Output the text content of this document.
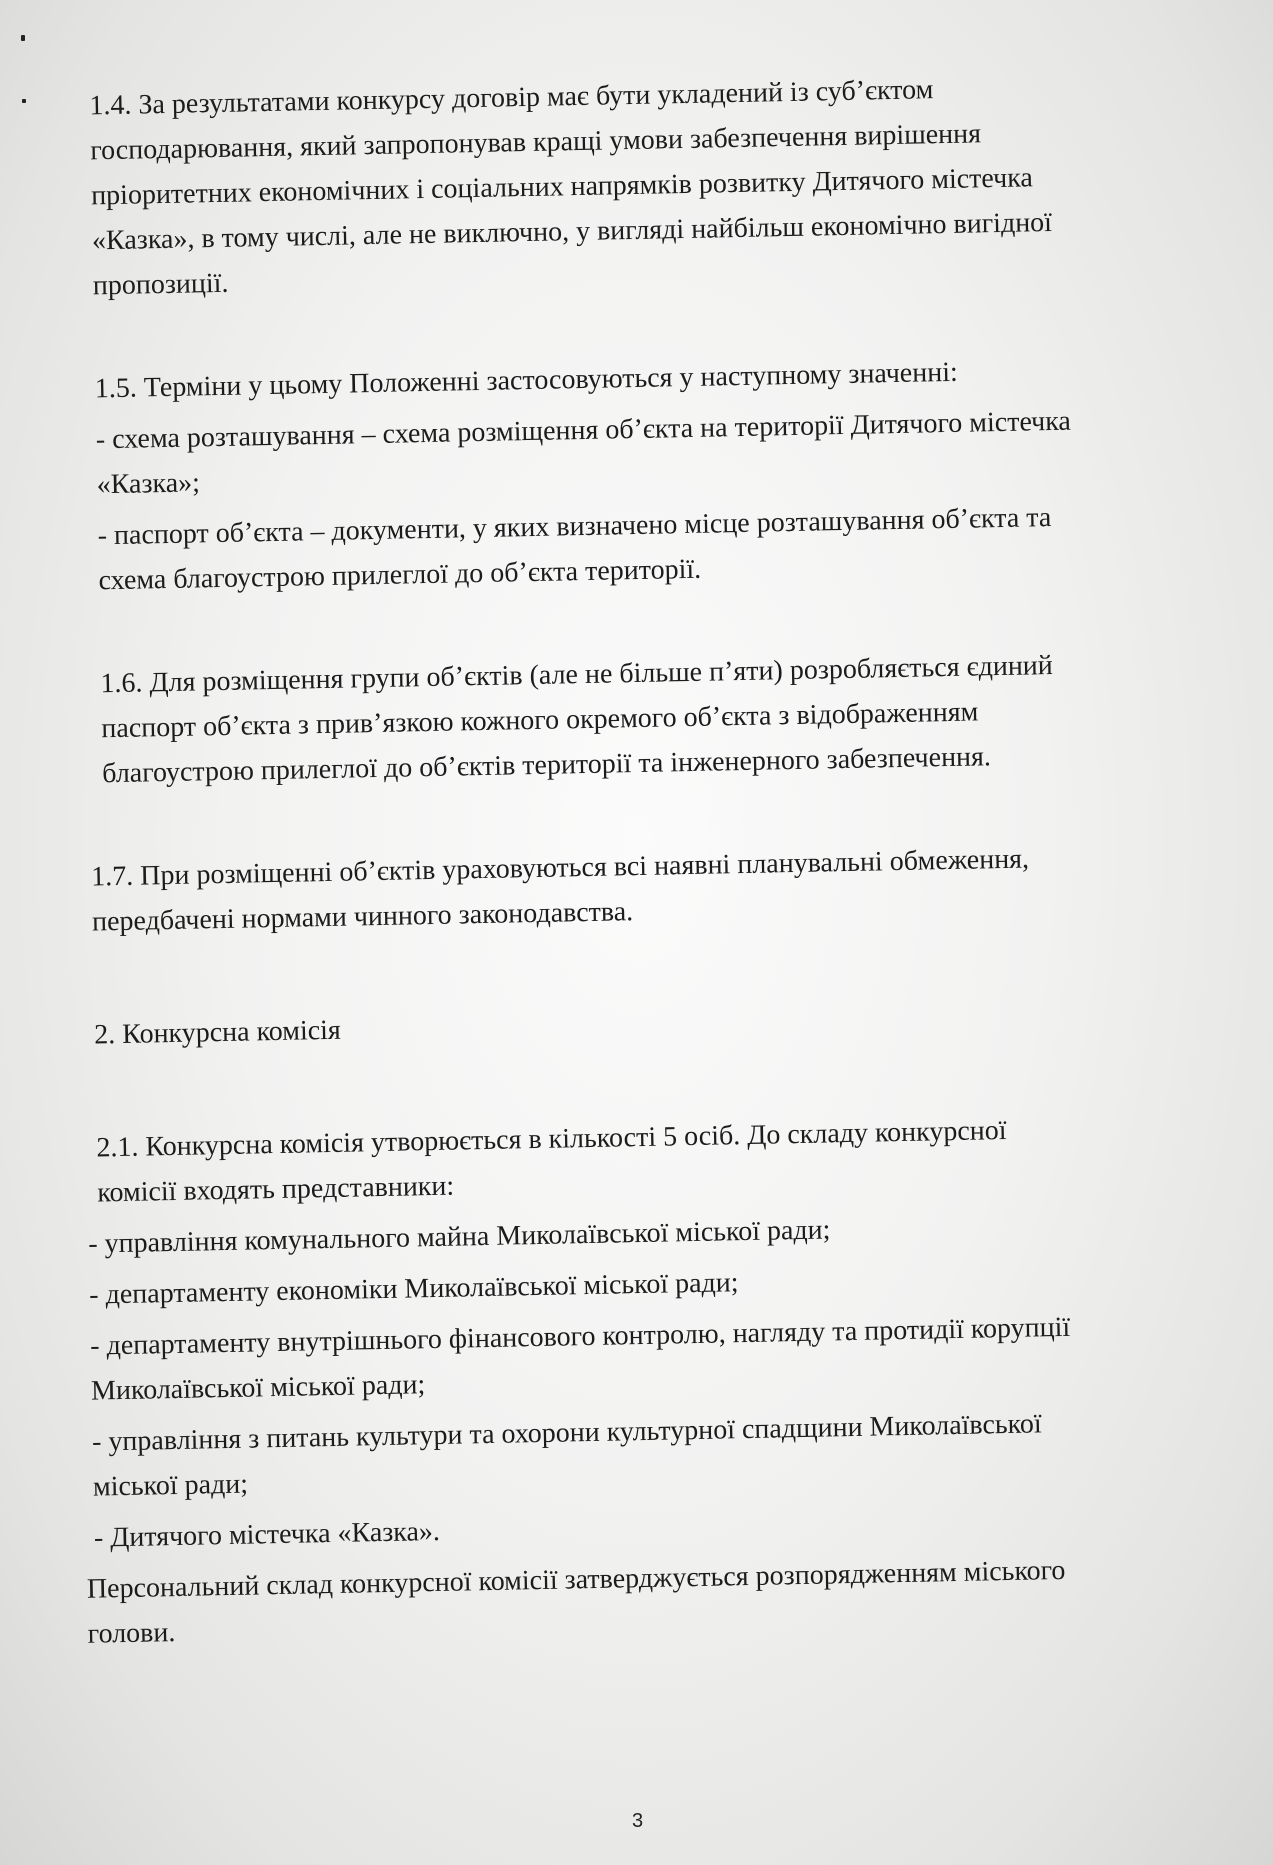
1.4. За результатами конкурсу договір має бути укладений із суб’єктом
господарювання, який запропонував кращі умови забезпечення вирішення
пріоритетних економічних і соціальних напрямків розвитку Дитячого містечка
«Казка», в тому числі, але не виключно, у вигляді найбільш економічно вигідної
пропозиції.
1.5. Терміни у цьому Положенні застосовуються у наступному значенні:
- схема розташування – схема розміщення об’єкта на території Дитячого містечка
«Казка»;
- паспорт об’єкта – документи, у яких визначено місце розташування об’єкта та
схема благоустрою прилеглої до об’єкта території.
1.6. Для розміщення групи об’єктів (але не більше п’яти) розробляється єдиний
паспорт об’єкта з прив’язкою кожного окремого об’єкта з відображенням
благоустрою прилеглої до об’єктів території та інженерного забезпечення.
1.7. При розміщенні об’єктів ураховуються всі наявні планувальні обмеження,
передбачені нормами чинного законодавства.
2. Конкурсна комісія
2.1. Конкурсна комісія утворюється в кількості 5 осіб. До складу конкурсної
комісії входять представники:
- управління комунального майна Миколаївської міської ради;
- департаменту економіки Миколаївської міської ради;
- департаменту внутрішнього фінансового контролю, нагляду та протидії корупції
Миколаївської міської ради;
- управління з питань культури та охорони культурної спадщини Миколаївської
міської ради;
- Дитячого містечка «Казка».
Персональний склад конкурсної комісії затверджується розпорядженням міського
голови.
3
